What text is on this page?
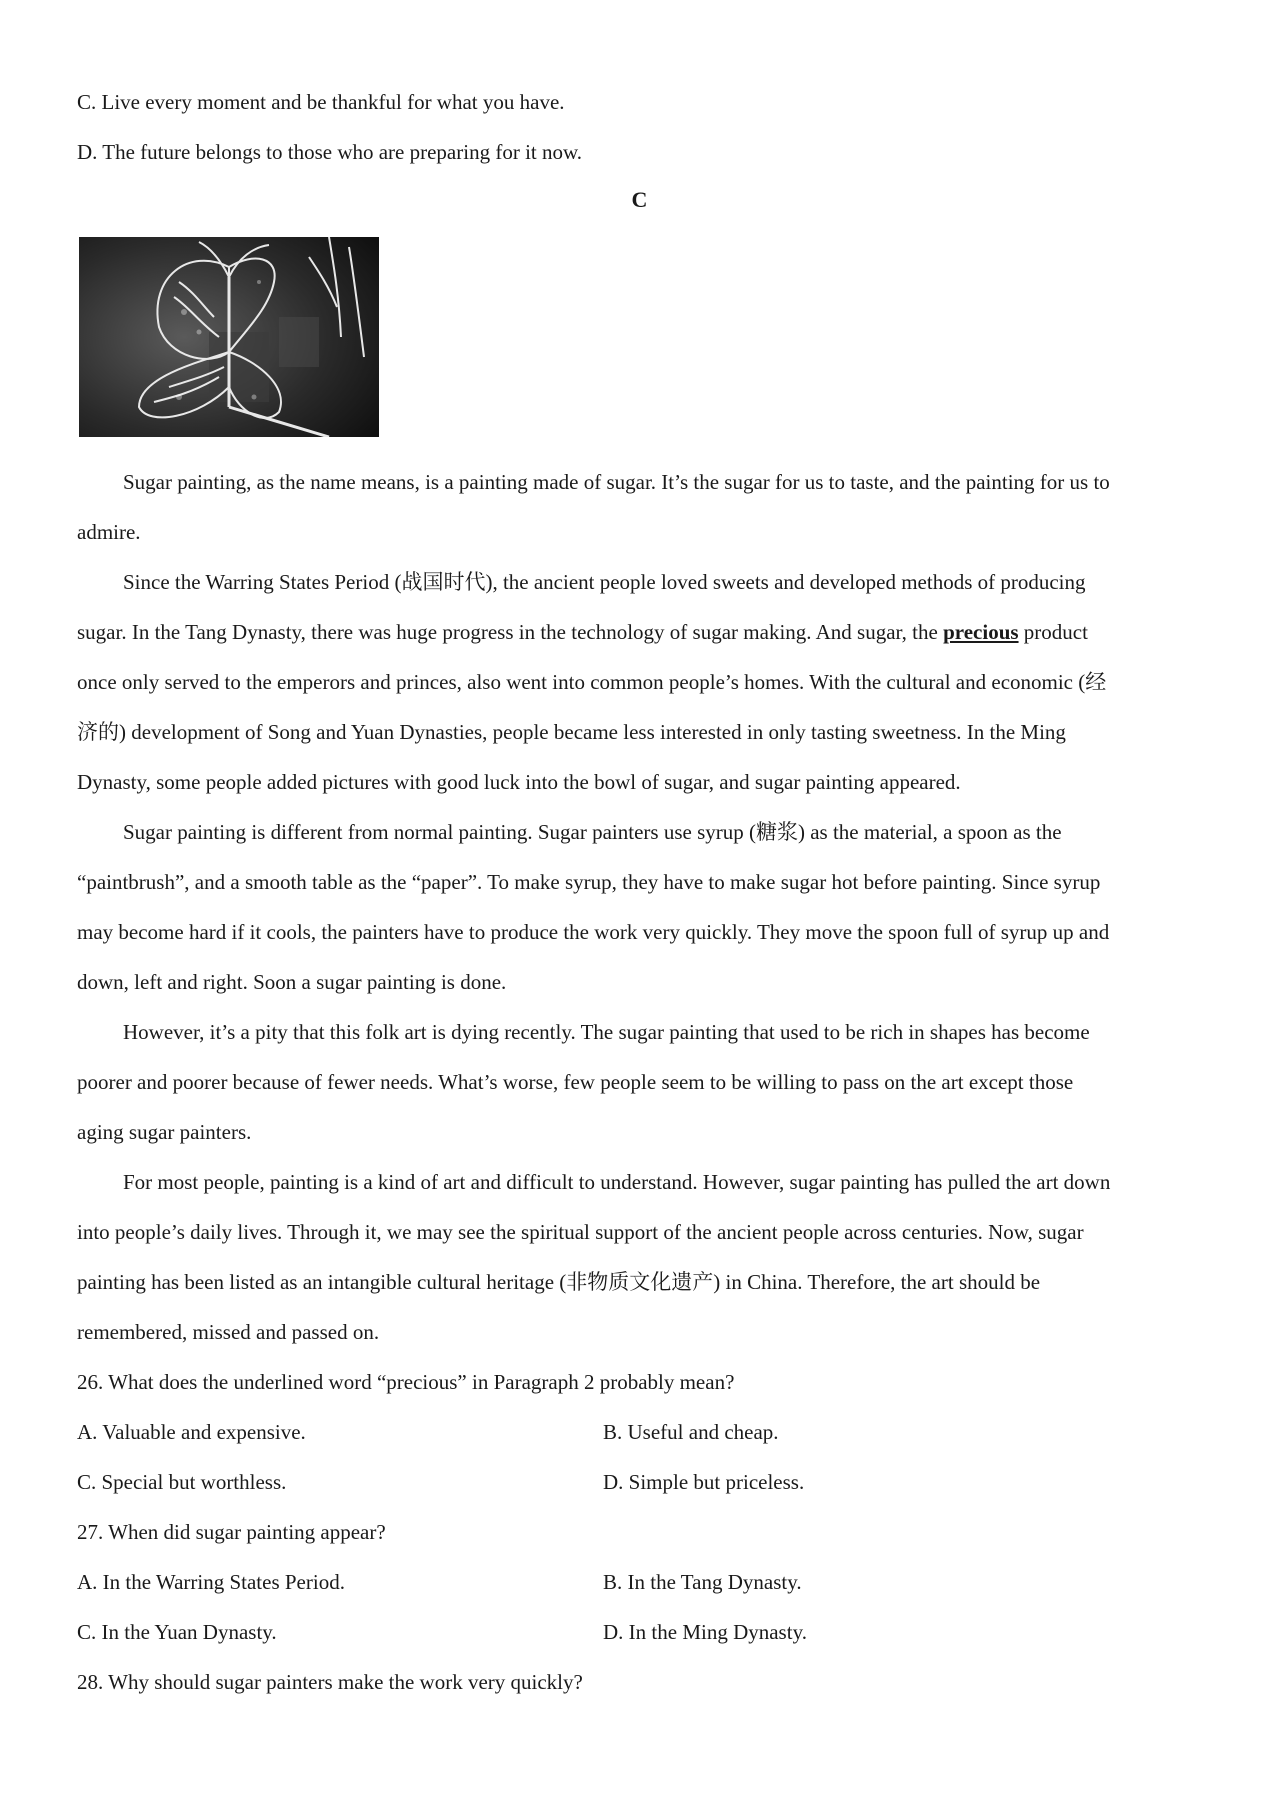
C. Live every moment and be thankful for what you have.
D. The future belongs to those who are preparing for it now.
C
Sugar painting, as the name means, is a painting made of sugar. It’s the sugar for us to taste, and the painting for us to
admire.
Since the Warring States Period (战国时代), the ancient people loved sweets and developed methods of producing
sugar. In the Tang Dynasty, there was huge progress in the technology of sugar making. And sugar, the precious product
once only served to the emperors and princes, also went into common people’s homes. With the cultural and economic (经
济的) development of Song and Yuan Dynasties, people became less interested in only tasting sweetness. In the Ming
Dynasty, some people added pictures with good luck into the bowl of sugar, and sugar painting appeared.
Sugar painting is different from normal painting. Sugar painters use syrup (糖浆) as the material, a spoon as the
“paintbrush”, and a smooth table as the “paper”. To make syrup, they have to make sugar hot before painting. Since syrup
may become hard if it cools, the painters have to produce the work very quickly. They move the spoon full of syrup up and
down, left and right. Soon a sugar painting is done.
However, it’s a pity that this folk art is dying recently. The sugar painting that used to be rich in shapes has become
poorer and poorer because of fewer needs. What’s worse, few people seem to be willing to pass on the art except those
aging sugar painters.
For most people, painting is a kind of art and difficult to understand. However, sugar painting has pulled the art down
into people’s daily lives. Through it, we may see the spiritual support of the ancient people across centuries. Now, sugar
painting has been listed as an intangible cultural heritage (非物质文化遗产) in China. Therefore, the art should be
remembered, missed and passed on.
26. What does the underlined word “precious” in Paragraph 2 probably mean?
A. Valuable and expensive.	B. Useful and cheap.
C. Special but worthless.	D. Simple but priceless.
27. When did sugar painting appear?
A. In the Warring States Period.	B. In the Tang Dynasty.
C. In the Yuan Dynasty.	D. In the Ming Dynasty.
28. Why should sugar painters make the work very quickly?
